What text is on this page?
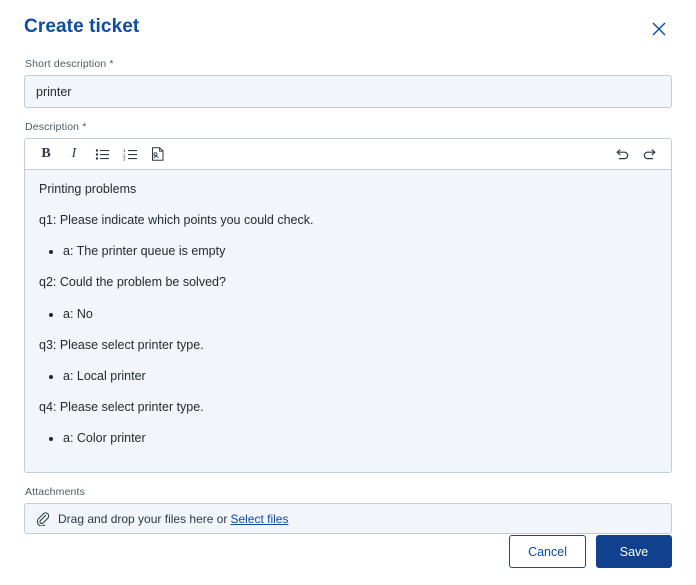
Create ticket
Short description *
printer
Description *
B	I	1
2
3

Printing problems

q1: Please indicate which points you could check.

• a: The printer queue is empty

q2: Could the problem be solved?

• a: No

q3: Please select printer type.

• a: Local printer

q4: Please select printer type.

• a: Color printer
Attachments
Drag and drop your files here or Select files
Cancel	Save
